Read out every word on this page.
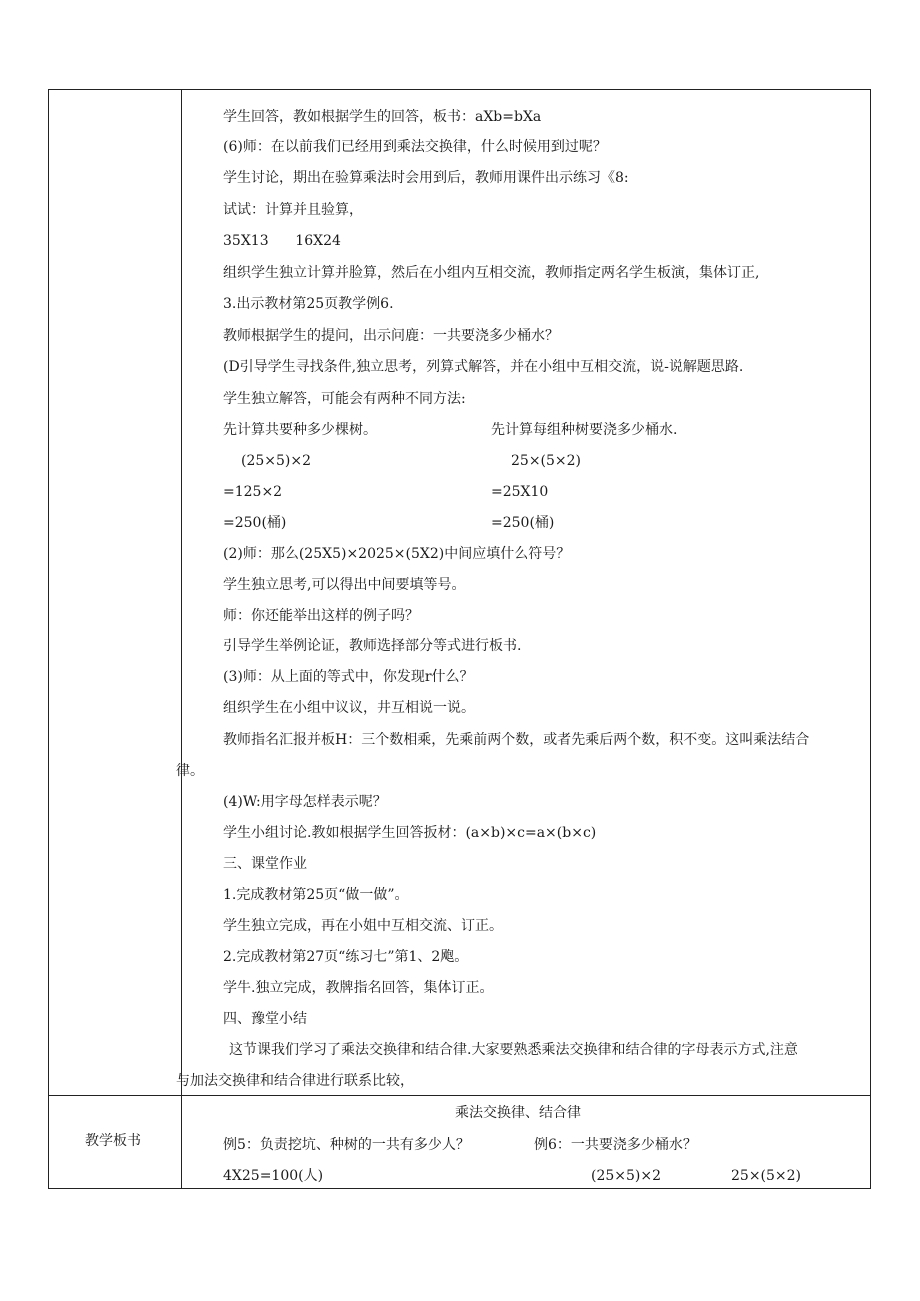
学生回答，教如根据学生的回答，板书：aXb=bXa
(6)师：在以前我们已经用到乘法交换律，什么时候用到过呢？
学生讨论，期出在验算乘法时会用到后，教师用课件出示练习《8:
试试：计算并且验算，
35X13      16X24
组织学生独立计算并脸算，然后在小组内互相交流，教师指定两名学生板演，集体订正,
3.出示教材第25页教学例6.
教师根据学生的提问，出示问鹿：一共要浇多少桶水？
(D引导学生寻找条件,独立思考，列算式解答，并在小组中互相交流，说-说解题思路.
学生独立解答，可能会有两种不同方法:
先计算共要种多少棵树。	先计算每组种树要浇多少桶水.
(25×5)×2	25×(5×2)
=125×2	=25X10
=250(桶)	=250(桶)
(2)师：那么(25X5)×2025×(5X2)中间应填什么符号？
学生独立思考,可以得出中间要填等号。
师：你还能举出这样的例子吗？
引导学生举例论证，教师选择部分等式进行板书.
(3)师：从上面的等式中，你发现r什么？
组织学生在小组中议议，井互相说一说。
教师指名汇报并板H：三个数相乘，先乘前两个数，或者先乘后两个数，积不变。这叫乘法结合
律。
(4)W:用字母怎样表示呢？
学生小组讨论.教如根据学生回答扳材：(a×b)×c=a×(b×c)
三、课堂作业
1.完成教材第25页“做一做”。
学生独立完成，再在小姐中互相交流、订正。
2.完成教材第27页“练习七”第1、2飑。
学牛.独立完成，教牌指名回答，集体订正。
四、豫堂小结
这节课我们学习了乘法交换律和结合律.大家要熟悉乘法交换律和结合律的字母表示方式,注意
与加法交换律和结合律进行联系比较，
教学板书
乘法交换律、结合律
例5：负责挖坑、种树的一共有多少人？	例6：一共要浇多少桶水？
4X25=100(人)	(25×5)×2	25×(5×2)
